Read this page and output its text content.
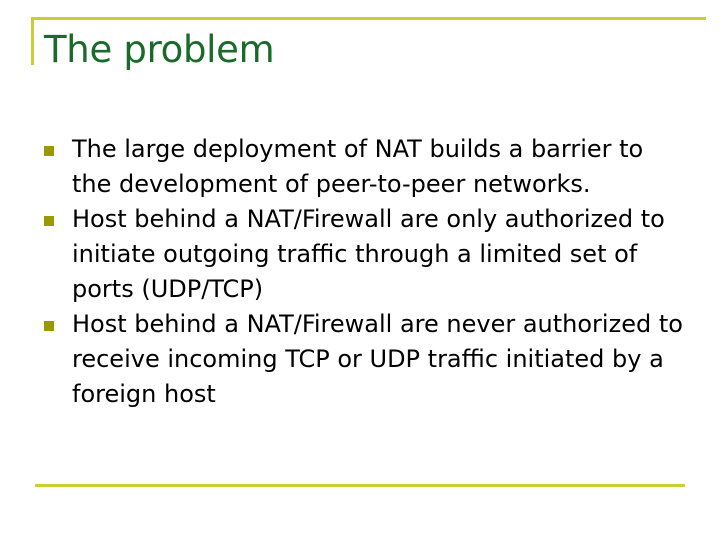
The problem
The large deployment of NAT builds a barrier to the development of peer-to-peer networks.
Host behind a NAT/Firewall are only authorized to initiate outgoing traffic through a limited set of ports (UDP/TCP)
Host behind a NAT/Firewall are never authorized to receive incoming TCP or UDP traffic initiated by a foreign host
